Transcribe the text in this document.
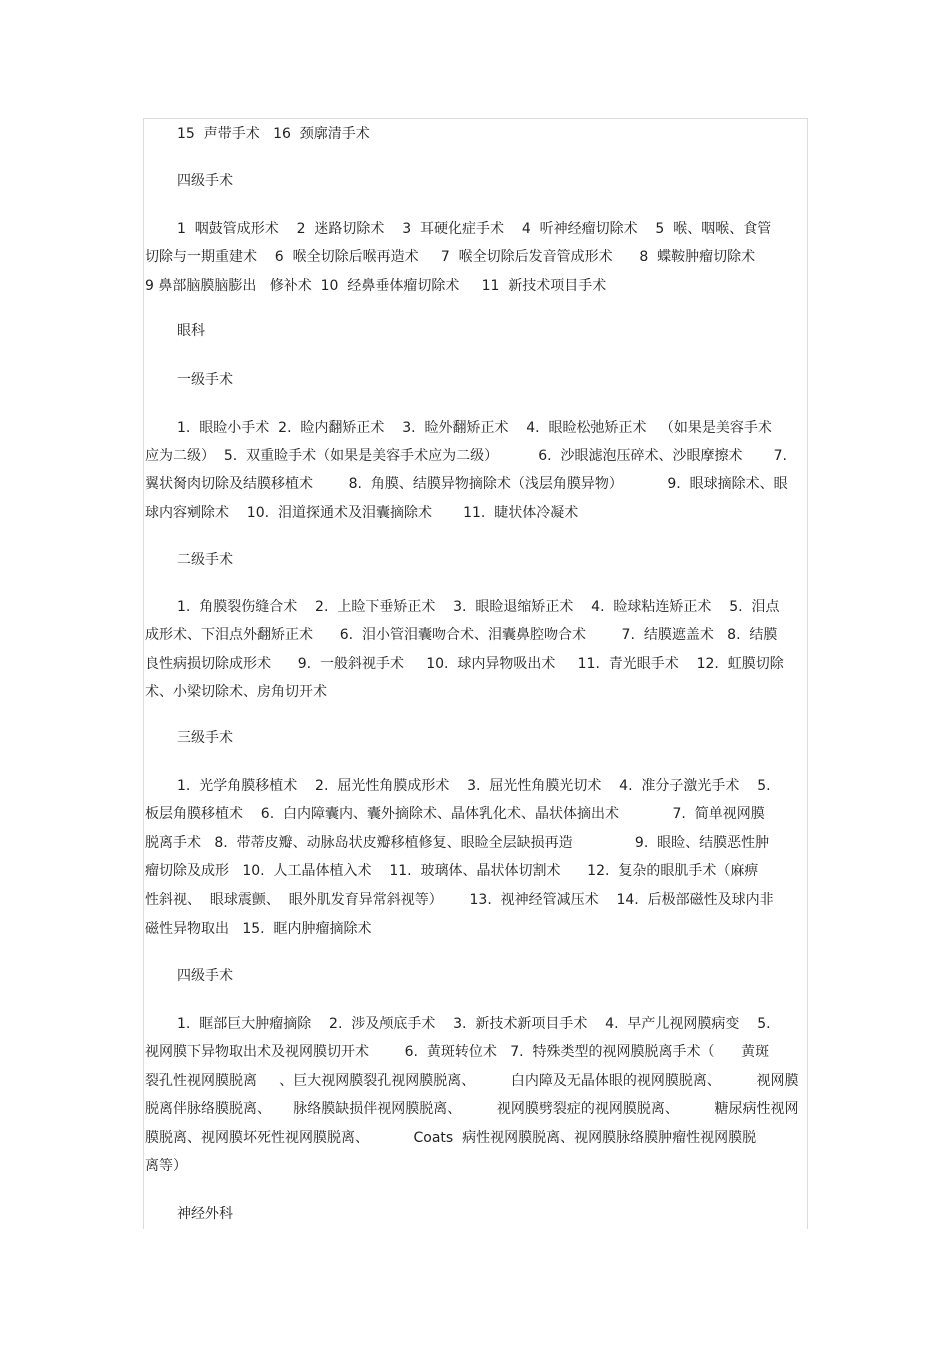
15  声带手术   16  颈廓清手术
四级手术
1  咽鼓管成形术    2  迷路切除术    3  耳硬化症手术    4  听神经瘤切除术    5  喉、咽喉、食管
切除与一期重建术    6  喉全切除后喉再造术     7  喉全切除后发音管成形术      8  蝶鞍肿瘤切除术
9 鼻部脑膜脑膨出   修补术  10  经鼻垂体瘤切除术     11  新技术项目手术
眼科
一级手术
1.  眼睑小手术  2.  睑内翻矫正术    3.  睑外翻矫正术    4.  眼睑松弛矫正术   （如果是美容手术
应为二级）  5.  双重睑手术（如果是美容手术应为二级）         6.  沙眼滤泡压碎术、沙眼摩擦术       7.
翼状胬肉切除及结膜移植术        8.  角膜、结膜异物摘除术（浅层角膜异物）          9.  眼球摘除术、眼
球内容剜除术    10.  泪道探通术及泪囊摘除术       11.  睫状体冷凝术
二级手术
1.  角膜裂伤缝合术    2.  上睑下垂矫正术    3.  眼睑退缩矫正术    4.  睑球粘连矫正术    5.  泪点
成形术、下泪点外翻矫正术      6.  泪小管泪囊吻合术、泪囊鼻腔吻合术        7.  结膜遮盖术   8.  结膜
良性病损切除成形术      9.  一般斜视手术     10.  球内异物吸出术     11.  青光眼手术    12.  虹膜切除
术、小梁切除术、房角切开术
三级手术
1.  光学角膜移植术    2.  屈光性角膜成形术    3.  屈光性角膜光切术    4.  准分子激光手术    5.
板层角膜移植术    6.  白内障囊内、囊外摘除术、晶体乳化术、晶状体摘出术            7.  简单视网膜
脱离手术   8.  带蒂皮瓣、动脉岛状皮瓣移植修复、眼睑全层缺损再造              9.  眼睑、结膜恶性肿
瘤切除及成形   10.  人工晶体植入术    11.  玻璃体、晶状体切割术      12.  复杂的眼肌手术（麻痹
性斜视、  眼球震颤、  眼外肌发育异常斜视等）      13.  视神经管减压术    14.  后极部磁性及球内非
磁性异物取出   15.  眶内肿瘤摘除术
四级手术
1.  眶部巨大肿瘤摘除    2.  涉及颅底手术    3.  新技术新项目手术    4.  早产儿视网膜病变    5.
视网膜下异物取出术及视网膜切开术        6.  黄斑转位术   7.  特殊类型的视网膜脱离手术（      黄斑
裂孔性视网膜脱离     、巨大视网膜裂孔视网膜脱离、        白内障及无晶体眼的视网膜脱离、        视网膜
脱离伴脉络膜脱离、     脉络膜缺损伴视网膜脱离、        视网膜劈裂症的视网膜脱离、        糖尿病性视网
膜脱离、视网膜坏死性视网膜脱离、          Coats  病性视网膜脱离、视网膜脉络膜肿瘤性视网膜脱
离等）
神经外科
